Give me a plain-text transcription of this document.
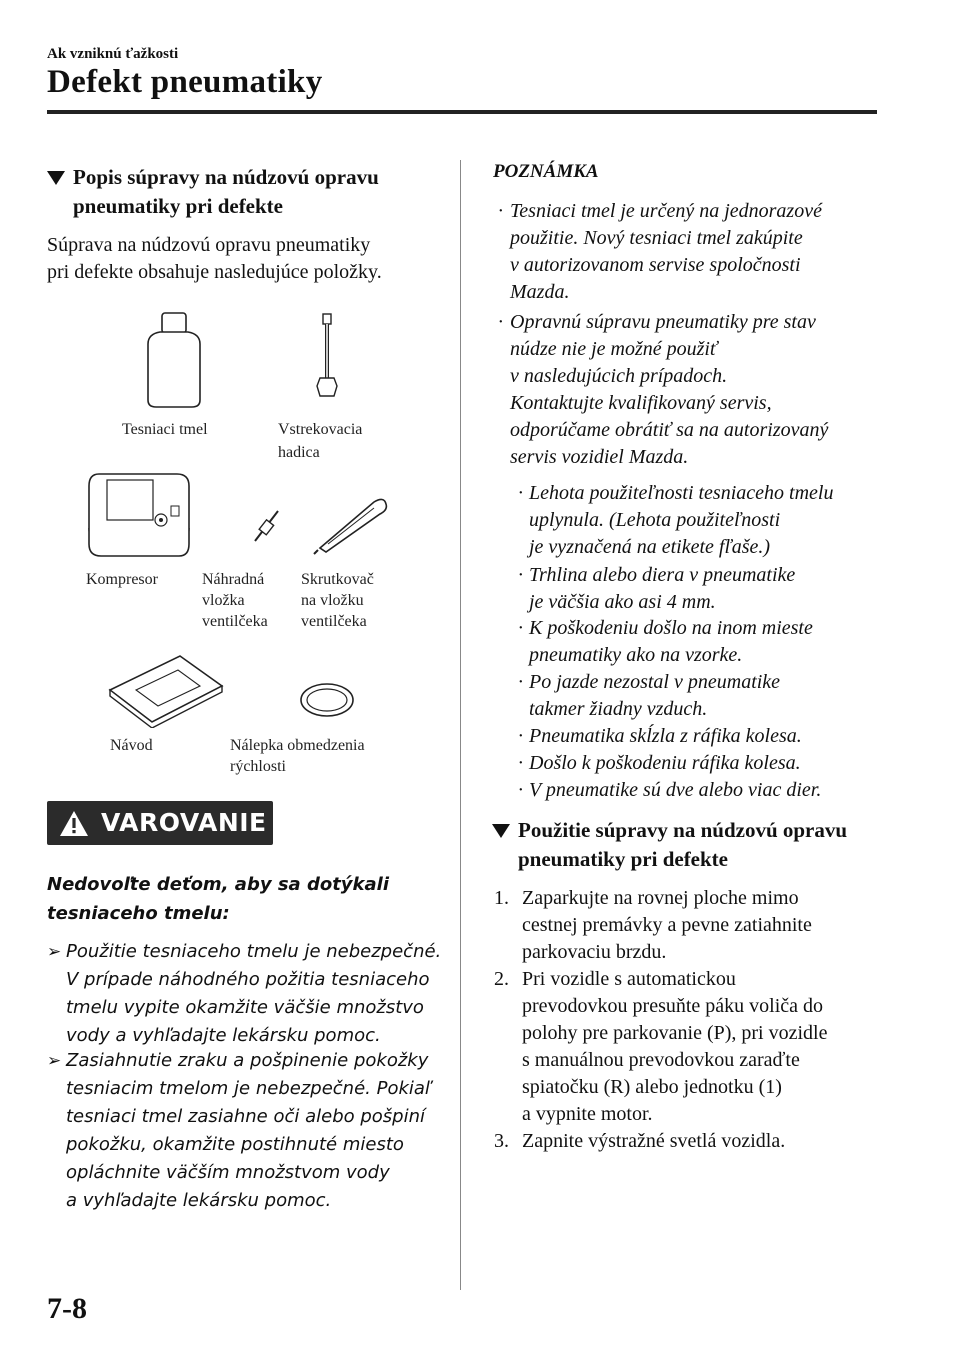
Ak vzniknú ťažkosti
Defekt pneumatiky
Popis súpravy na núdzovú opravu
pneumatiky pri defekte
Súprava na núdzovú opravu pneumatiky
pri defekte obsahuje nasledujúce položky.
Tesniaci tmel	Vstrekovacia
hadica
Kompresor	Náhradná
vložka
ventilčeka
Skrutkovač
na vložku
ventilčeka
Návod	Nálepka obmedzenia
rýchlosti
VAROVANIE
Nedovoľte deťom, aby sa dotýkali
tesniaceho tmelu:
➢ Použitie tesniaceho tmelu je nebezpečné.
V prípade náhodného požitia tesniaceho
tmelu vypite okamžite väčšie množstvo
vody a vyhľadajte lekársku pomoc.
➢ Zasiahnutie zraku a pošpinenie pokožky
tesniacim tmelom je nebezpečné. Pokiaľ
tesniaci tmel zasiahne oči alebo pošpiní
pokožku, okamžite postihnuté miesto
opláchnite väčším množstvom vody
a vyhľadajte lekársku pomoc.
POZNÁMKA
· Tesniaci tmel je určený na jednorazové
použitie. Nový tesniaci tmel zakúpite
v autorizovanom servise spoločnosti
Mazda.
· Opravnú súpravu pneumatiky pre stav
núdze nie je možné použiť
v nasledujúcich prípadoch.
Kontaktujte kvalifikovaný servis,
odporúčame obrátiť sa na autorizovaný
servis vozidiel Mazda.
· Lehota použiteľnosti tesniaceho tmelu
uplynula. (Lehota použiteľnosti
je vyznačená na etikete fľaše.)
· Trhlina alebo diera v pneumatike
je väčšia ako asi 4 mm.
· K poškodeniu došlo na inom mieste
pneumatiky ako na vzorke.
· Po jazde nezostal v pneumatike
takmer žiadny vzduch.
· Pneumatika skĺzla z ráfika kolesa.
· Došlo k poškodeniu ráfika kolesa.
· V pneumatike sú dve alebo viac dier.
Použitie súpravy na núdzovú opravu
pneumatiky pri defekte
1. Zaparkujte na rovnej ploche mimo
cestnej premávky a pevne zatiahnite
parkovaciu brzdu.
2. Pri vozidle s automatickou
prevodovkou presuňte páku voliča do
polohy pre parkovanie (P), pri vozidle
s manuálnou prevodovkou zaraďte
spiatočku (R) alebo jednotku (1)
a vypnite motor.
3. Zapnite výstražné svetlá vozidla.
7-8
